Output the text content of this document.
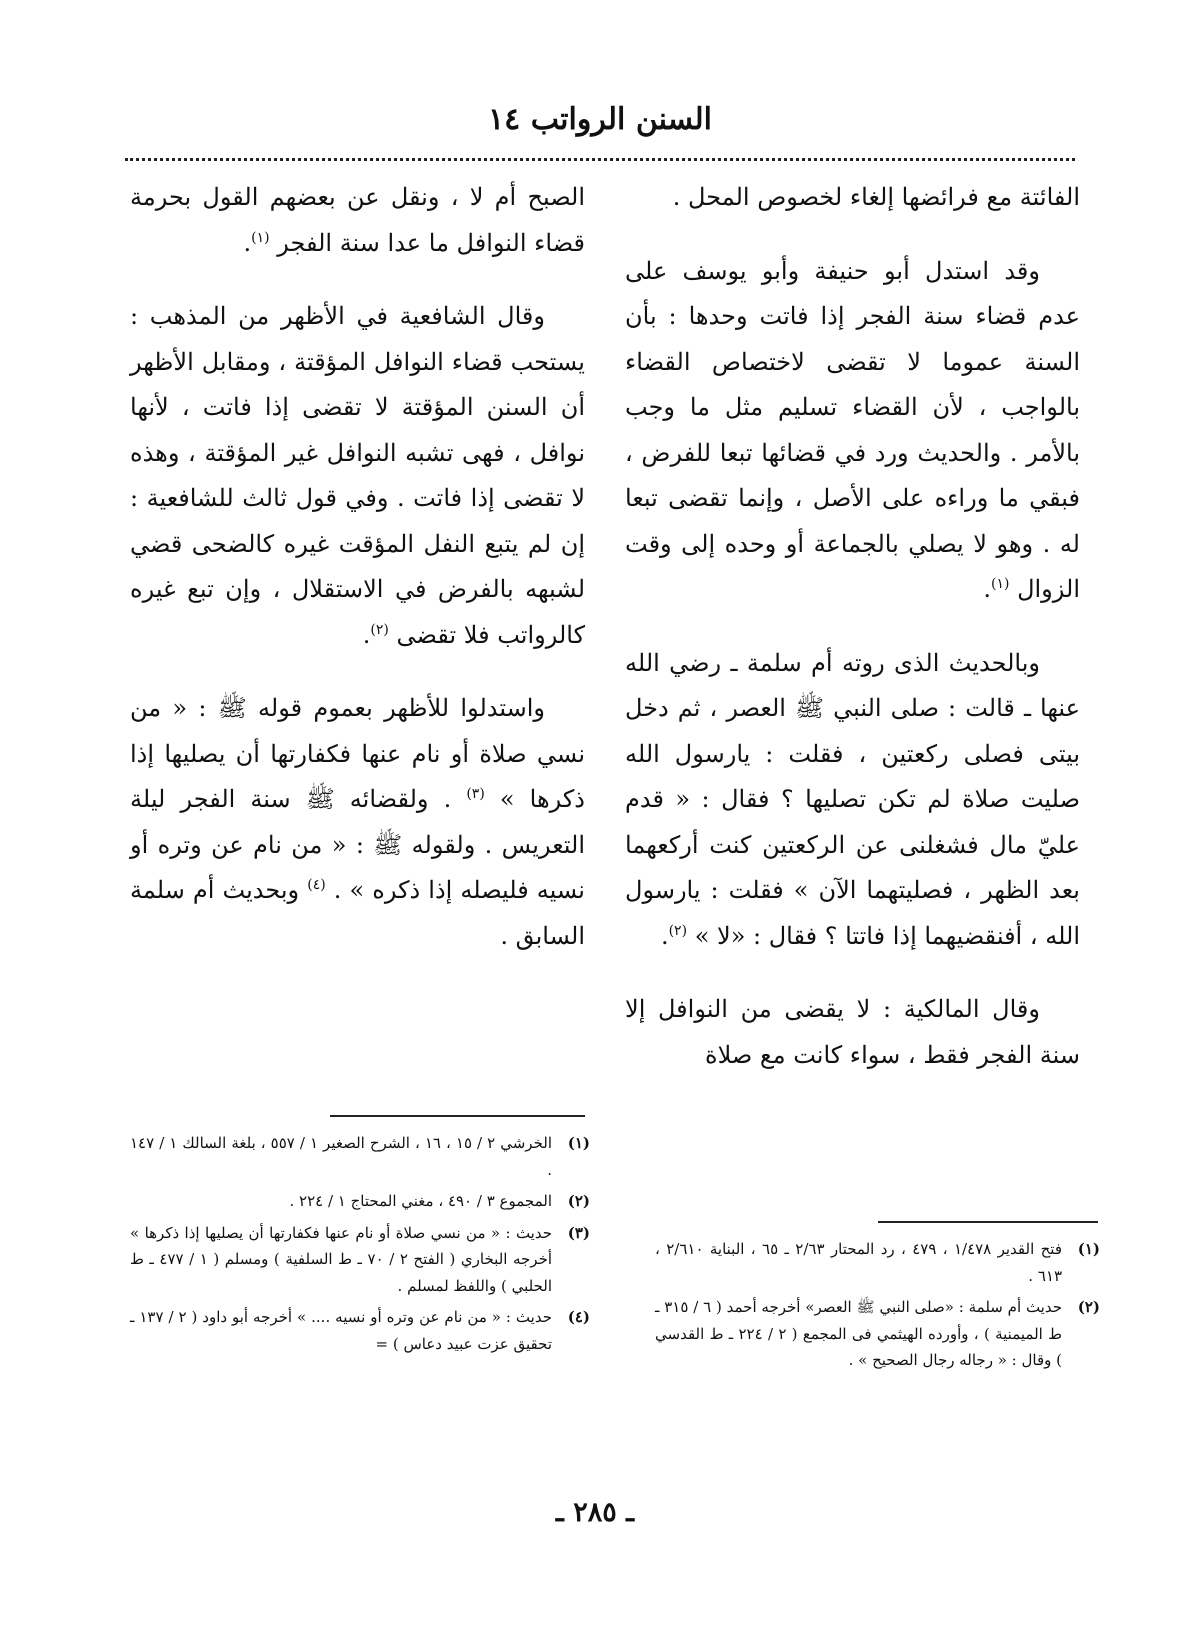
السنن الرواتب ١٤

الفائتة مع فرائضها إلغاء لخصوص المحل .

وقد استدل أبو حنيفة وأبو يوسف على عدم قضاء سنة الفجر إذا فاتت وحدها : بأن السنة عموما لا تقضى لاختصاص القضاء بالواجب ، لأن القضاء تسليم مثل ما وجب بالأمر . والحديث ورد في قضائها تبعا للفرض ، فبقي ما وراءه على الأصل ، وإنما تقضى تبعا له . وهو لا يصلي بالجماعة أو وحده إلى وقت الزوال $^{(١)}$.

وبالحديث الذى روته أم سلمة ـ رضي الله عنها ـ قالت : صلى النبي ﷺ العصر ، ثم دخل بيتى فصلى ركعتين ، فقلت : يارسول الله صليت صلاة لم تكن تصليها ؟ فقال : « قدم عليّ مال فشغلنى عن الركعتين كنت أركعهما بعد الظهر ، فصليتهما الآن » فقلت : يارسول الله ، أفنقضيهما إذا فاتتا ؟ فقال : «لا » $^{(٢)}$.

وقال المالكية : لا يقضى من النوافل إلا سنة الفجر فقط ، سواء كانت مع صلاة

الصبح أم لا ، ونقل عن بعضهم القول بحرمة قضاء النوافل ما عدا سنة الفجر $^{(١)}$.

وقال الشافعية في الأظهر من المذهب : يستحب قضاء النوافل المؤقتة ، ومقابل الأظهر أن السنن المؤقتة لا تقضى إذا فاتت ، لأنها نوافل ، فهى تشبه النوافل غير المؤقتة ، وهذه لا تقضى إذا فاتت . وفي قول ثالث للشافعية : إن لم يتبع النفل المؤقت غيره كالضحى قضي لشبهه بالفرض في الاستقلال ، وإن تبع غيره كالرواتب فلا تقضى $^{(٢)}$.

واستدلوا للأظهر بعموم قوله ﷺ : « من نسي صلاة أو نام عنها فكفارتها أن يصليها إذا ذكرها » $^{(٣)}$ . ولقضائه ﷺ سنة الفجر ليلة التعريس . ولقوله ﷺ : « من نام عن وتره أو نسيه فليصله إذا ذكره » . $^{(٤)}$ وبحديث أم سلمة السابق .

(١)
فتح القدير ١/٤٧٨ ، ٤٧٩ ، رد المحتار ٢/٦٣ ـ ٦٥ ، البناية ٢/٦١٠ ، ٦١٣ .
(٢)
حديث أم سلمة : «صلى النبي ﷺ العصر» أخرجه أحمد ( ٦ / ٣١٥ ـ ط الميمنية ) ، وأورده الهيثمي فى المجمع ( ٢ / ٢٢٤ ـ ط القدسي ) وقال : « رجاله رجال الصحيح » .
(١)
الخرشي ٢ / ١٥ ، ١٦ ، الشرح الصغير ١ / ٥٥٧ ، بلغة السالك ١ / ١٤٧ .
(٢)
المجموع ٣ / ٤٩٠ ، مغني المحتاج ١ / ٢٢٤ .
(٣)
حديث : « من نسي صلاة أو نام عنها فكفارتها أن يصليها إذا ذكرها » أخرجه البخاري ( الفتح ٢ / ٧٠ ـ ط السلفية ) ومسلم ( ١ / ٤٧٧ ـ ط الحلبي ) واللفظ لمسلم .
(٤)
حديث : « من نام عن وتره أو نسيه .... » أخرجه أبو داود ( ٢ / ١٣٧ ـ تحقيق عزت عبيد دعاس ) =
ـ ٢٨٥ ـ
